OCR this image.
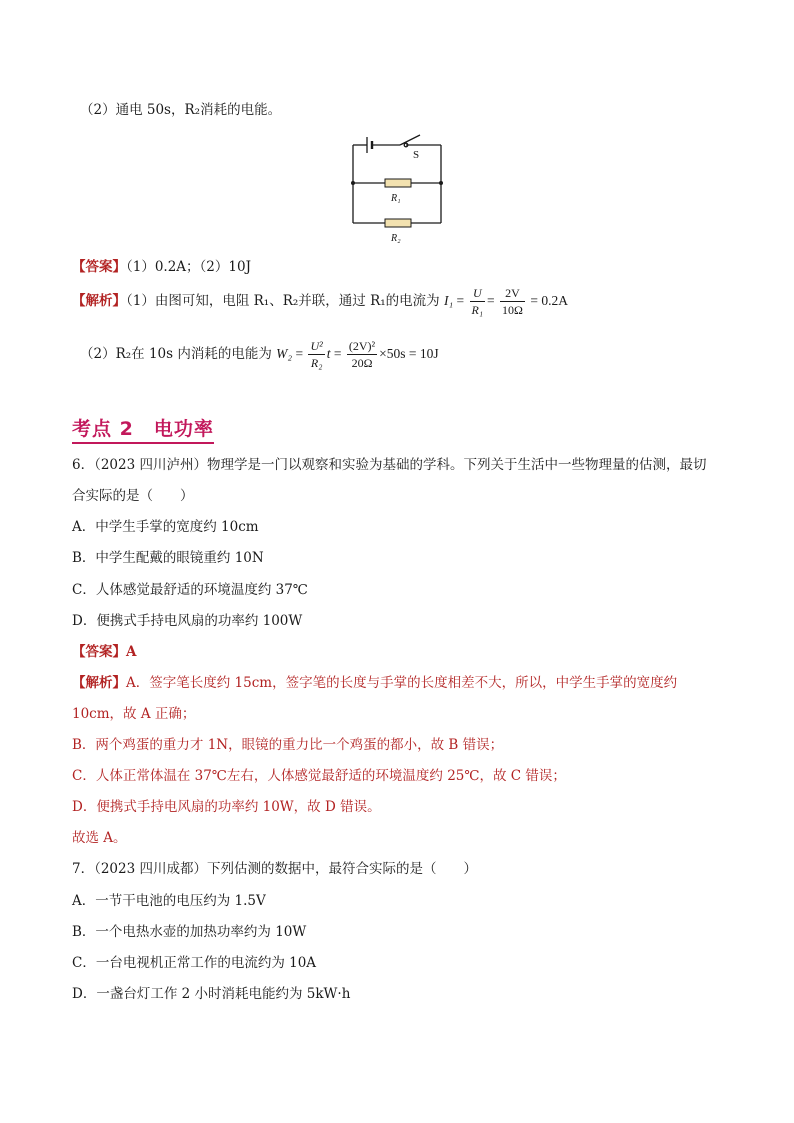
（2）通电 50s，R₂消耗的电能。
S
R₁
R₂
【答案】（1）0.2A；（2）10J
【解析】（1）由图可知，电阻 R₁、R₂并联，通过 R₁的电流为 $I_1 = \frac{U}{\text{R₁}} = \frac{2V}{10\Omega} = 0.2A$
（2）R₂在 10s 内消耗的电能为 $W_2 = \frac{\text{U²}}{\text{R₂}}$ $t = \frac{\text{(2V)²}}{20\Omega} \times 50s = 10J$
考点 2　电功率
6．（2023 四川泸州）物理学是一门以观察和实验为基础的学科。下列关于生活中一些物理量的估测，最切
合实际的是（　　）
A．中学生手掌的宽度约 10cm
B．中学生配戴的眼镜重约 10N
C．人体感觉最舒适的环境温度约 37℃
D．便携式手持电风扇的功率约 100W
【答案】A
【解析】A．签字笔长度约 15cm，签字笔的长度与手掌的长度相差不大，所以，中学生手掌的宽度约
10cm，故 A 正确；
B．两个鸡蛋的重力才 1N，眼镜的重力比一个鸡蛋的都小，故 B 错误；
C．人体正常体温在 37℃左右，人体感觉最舒适的环境温度约 25℃，故 C 错误；
D．便携式手持电风扇的功率约 10W，故 D 错误。
故选 A。
7．（2023 四川成都）下列估测的数据中，最符合实际的是（　　）
A．一节干电池的电压约为 1.5V
B．一个电热水壶的加热功率约为 10W
C．一台电视机正常工作的电流约为 10A
D．一盏台灯工作 2 小时消耗电能约为 5kW·h
